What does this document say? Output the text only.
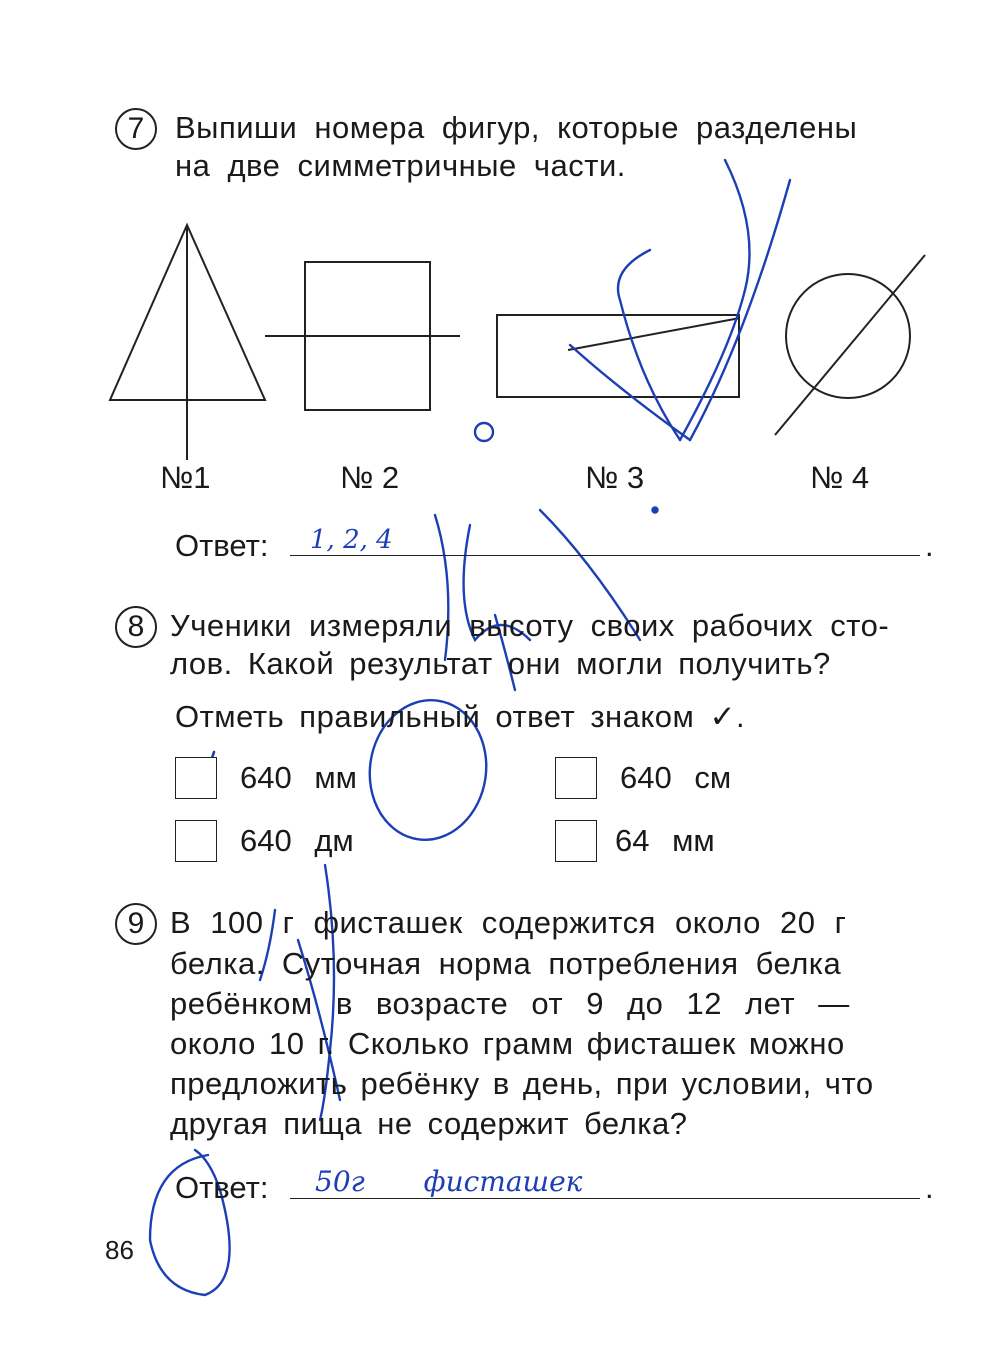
7 Выпиши номера фигур, которые разделены
на две симметричные части.
№1	№ 2	№ 3	№ 4
Ответ: 1, 2, 4	.
8 Ученики измеряли высоту своих рабочих сто-
лов. Какой результат они могли получить?
Отметь правильный ответ знаком ✓.
640 мм	640 см
640 дм	64 мм
9 В 100 г фисташек содержится около 20 г
белка. Суточная норма потребления белка
ребёнком в возрасте от 9 до 12 лет —
около 10 г. Сколько грамм фисташек можно
предложить ребёнку в день, при условии, что
другая пища не содержит белка?
Ответ: 50г фисташек	.
86
